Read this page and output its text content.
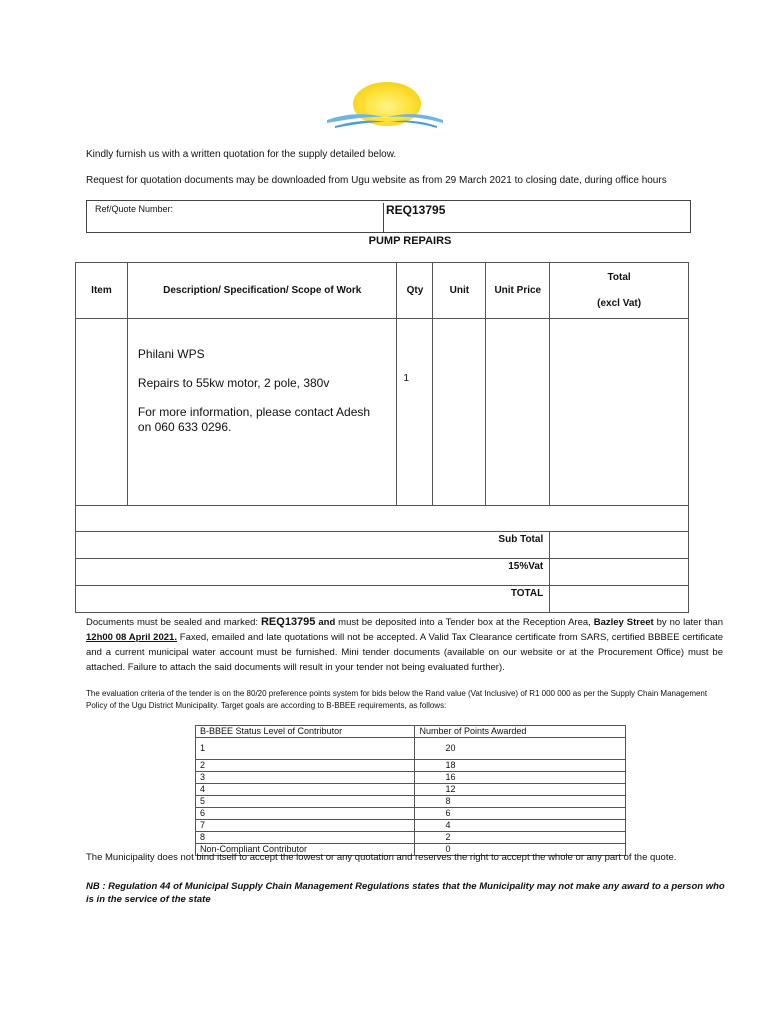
Kindly furnish us with a written quotation for the supply detailed below.
Request for quotation documents may be downloaded from Ugu website as from 29 March 2021 to closing date, during office hours
Ref/Quote Number:	REQ13795
PUMP REPAIRS
Item	Description/ Specification/ Scope of Work	Qty	Unit	Unit Price	Total
(excl Vat)

	Philani WPS

Repairs to 55kw motor, 2 pole, 380v

For more information, please contact Adesh on 060 633 0296.	1			

Sub Total					
15%Vat					
TOTAL					
Documents must be sealed and marked: REQ13795 and must be deposited into a Tender box at the Reception Area, Bazley Street by no later than 12h00 08 April 2021. Faxed, emailed and late quotations will not be accepted. A Valid Tax Clearance certificate from SARS, certified BBBEE certificate and a current municipal water account must be furnished. Mini tender documents (available on our website or at the Procurement Office) must be attached. Failure to attach the said documents will result in your tender not being evaluated further).
The evaluation criteria of the tender is on the 80/20 preference points system for bids below the Rand value (Vat Inclusive) of R1 000 000 as per the Supply Chain Management Policy of the Ugu District Municipality. Target goals are according to B-BBEE requirements, as follows:
B-BBEE Status Level of Contributor	Number of Points Awarded
1	20
2	18
3	16
4	12
5	8
6	6
7	4
8	2
Non-Compliant Contributor	0
The Municipality does not bind itself to accept the lowest or any quotation and reserves the right to accept the whole or any part of the quote.
NB : Regulation 44 of Municipal Supply Chain Management Regulations states that the Municipality may not make any award to a person who is in the service of the state
